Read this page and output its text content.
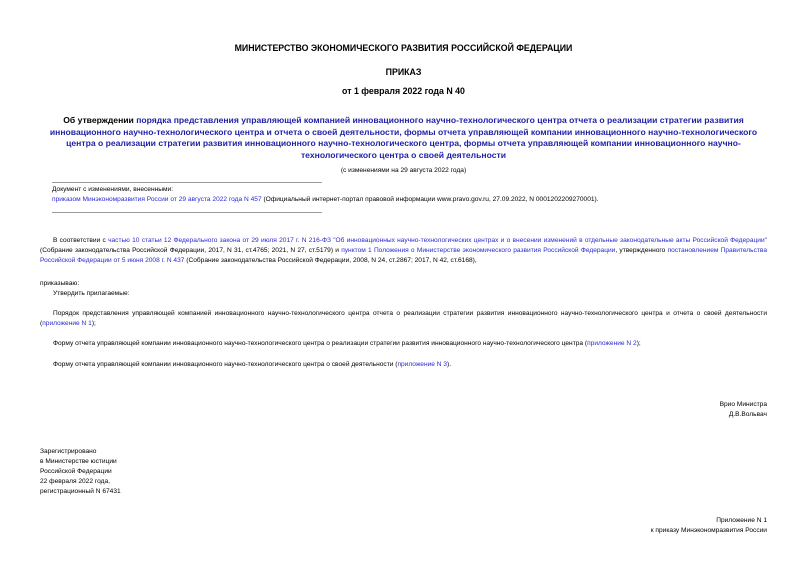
МИНИСТЕРСТВО ЭКОНОМИЧЕСКОГО РАЗВИТИЯ РОССИЙСКОЙ ФЕДЕРАЦИИ
ПРИКАЗ
от 1 февраля 2022 года N 40
Об утверждении порядка представления управляющей компанией инновационного научно-технологического центра отчета о реализации стратегии развития инновационного научно-технологического центра и отчета о своей деятельности, формы отчета управляющей компании инновационного научно-технологического центра о реализации стратегии развития инновационного научно-технологического центра, формы отчета управляющей компании инновационного научно-технологического центра о своей деятельности
(с изменениями на 29 августа 2022 года)
Документ с изменениями, внесенными:
приказом Минэкономразвития России от 29 августа 2022 года N 457 (Официальный интернет-портал правовой информации www.pravo.gov.ru, 27.09.2022, N 0001202209270001).
В соответствии с частью 10 статьи 12 Федерального закона от 29 июля 2017 г. N 216-ФЗ "Об инновационных научно-технологических центрах и о внесении изменений в отдельные законодательные акты Российской Федерации" (Собрание законодательства Российской Федерации, 2017, N 31, ст.4765; 2021, N 27, ст.5179) и пунктом 1 Положения о Министерстве экономического развития Российской Федерации, утвержденного постановлением Правительства Российской Федерации от 5 июня 2008 г. N 437 (Собрание законодательства Российской Федерации, 2008, N 24, ст.2867; 2017, N 42, ст.6168),
приказываю:
Утвердить прилагаемые:
Порядок представления управляющей компанией инновационного научно-технологического центра отчета о реализации стратегии развития инновационного научно-технологического центра и отчета о своей деятельности (приложение N 1);
Форму отчета управляющей компании инновационного научно-технологического центра о реализации стратегии развития инновационного научно-технологического центра (приложение N 2);
Форму отчета управляющей компании инновационного научно-технологического центра о своей деятельности (приложение N 3).
Врио Министра
Д.В.Вольвач
Зарегистрировано
в Министерстве юстиции
Российской Федерации
22 февраля 2022 года,
регистрационный N 67431
Приложение N 1
к приказу Минэкономразвития России
